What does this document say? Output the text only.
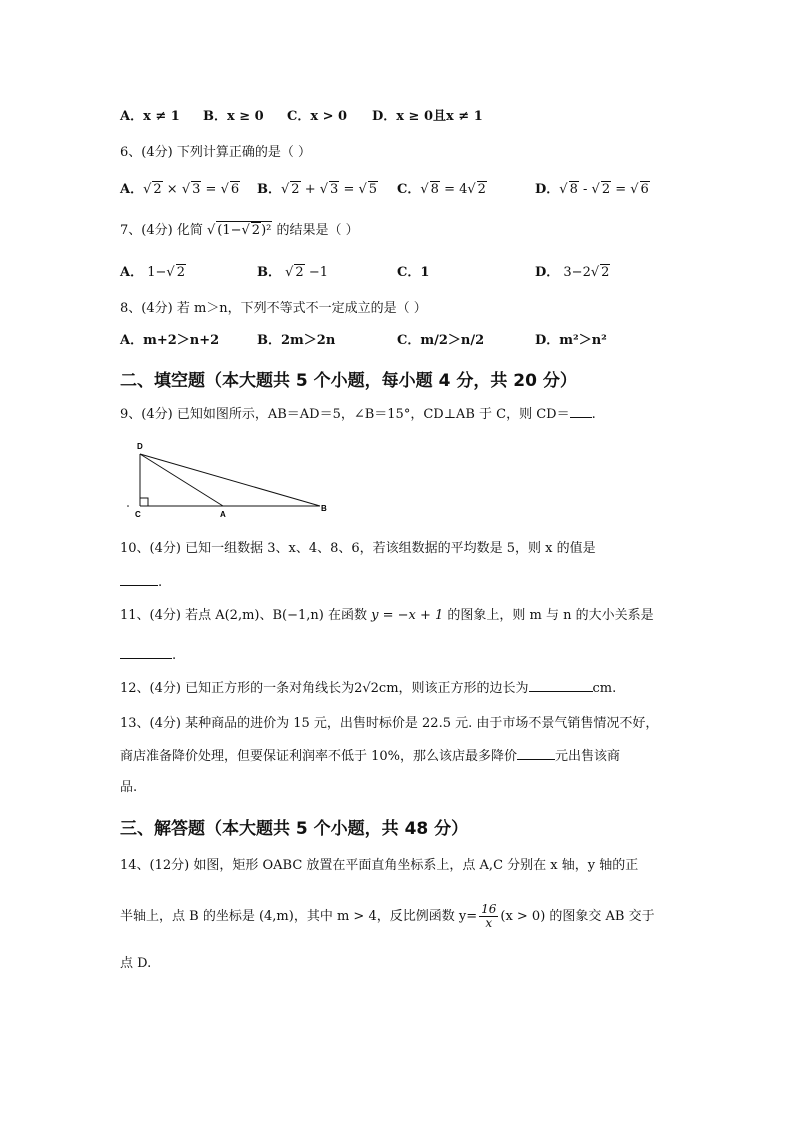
A．x ≠ 1 B．x ≥ 0 C．x > 0 D．x ≥ 0且x ≠ 1
6、(4分) 下列计算正确的是（ ）
A．√ 2 × √ 3 = √ 6 B．√ 2 + √ 3 = √ 5 C．√ 8 = 4√ 2	D．√ 8 - √ 2 = √ 6
7、(4分) 化简 √ (1−√ 2)² 的结果是（ ）
A． 1−√ 2	B． √ 2 −1	C．1	D． 3−2√ 2
8、(4分) 若 m＞n，下列不等式不一定成立的是（ ）
A．m+2＞n+2	B．2m＞2n	C．m/2＞n/2	D．m²＞n²
二、填空题（本大题共 5 个小题，每小题 4 分，共 20 分）
9、(4分) 已知如图所示，AB＝AD＝5，∠B＝15°，CD⊥AB 于 C，则 CD＝ .
D
C	A
B
10、(4分) 已知一组数据 3、x、4、8、6，若该组数据的平均数是 5，则 x 的值是
.
11、(4分) 若点 A(2,m)、B(−1,n) 在函数 y = −x + 1 的图象上，则 m 与 n 的大小关系是
.
12、(4分) 已知正方形的一条对角线长为2√2cm，则该正方形的边长为	cm.
13、(4分) 某种商品的进价为 15 元，出售时标价是 22.5 元. 由于市场不景气销售情况不好，
商店准备降价处理，但要保证利润率不低于 10%，那么该店最多降价	元出售该商
品.
三、解答题（本大题共 5 个小题，共 48 分）
14、(12分) 如图，矩形 OABC 放置在平面直角坐标系上，点 A,C 分别在 x 轴，y 轴的正
半轴上，点 B 的坐标是 (4,m)，其中 m > 4，反比例函数 $y= \frac{16}{x} (x > 0)$ 的图象交 AB 交于
点 D.
